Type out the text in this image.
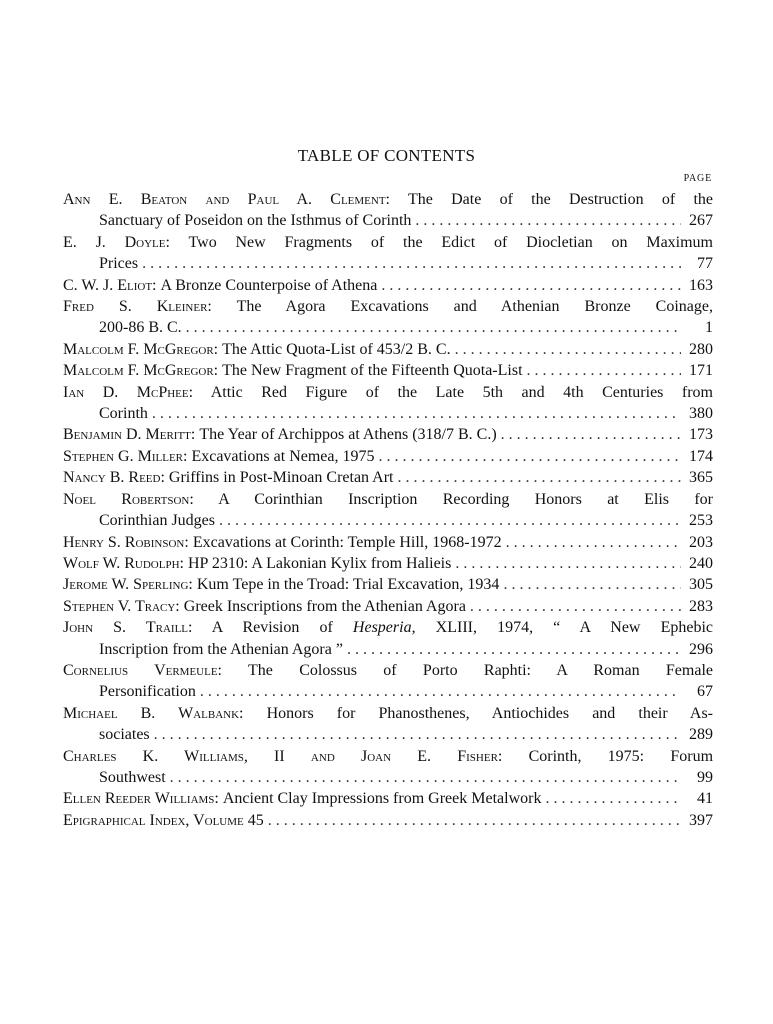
TABLE OF CONTENTS
PAGE
Ann E. Beaton and Paul A. Clement: The Date of the Destruction of the
Sanctuary of Poseidon on the Isthmus of Corinth . . .	267
E. J. Doyle: Two New Fragments of the Edict of Diocletian on Maximum
Prices . . .	77
C. W. J. Eliot:
A Bronze Counterpoise of Athena . . .	163
Fred S. Kleiner: The Agora Excavations and Athenian Bronze Coinage,
200-86 B. C. . . .	1
Malcolm F. McGregor:
The Attic Quota-List of 453/2 B. C. . . .	280
Malcolm F. McGregor:
The New Fragment of the Fifteenth Quota-List . . .	171
Ian D. McPhee: Attic Red Figure of the Late 5th and 4th Centuries from
Corinth . . .	380
Benjamin D. Meritt:
The Year of Archippos at Athens (318/7 B. C.) . . .	173
Stephen G. Miller:
Excavations at Nemea, 1975 . . .	174
Nancy B. Reed:
Griffins in Post-Minoan Cretan Art . . .	365
Noel Robertson: A Corinthian Inscription Recording Honors at Elis for
Corinthian Judges . . .	253
Henry S. Robinson:
Excavations at Corinth: Temple Hill, 1968-1972 . . .	203
Wolf W. Rudolph:
HP 2310: A Lakonian Kylix from Halieis . . .	240
Jerome W. Sperling:
Kum Tepe in the Troad: Trial Excavation, 1934 . . .	305
Stephen V. Tracy:
Greek Inscriptions from the Athenian Agora . . .	283
John S. Traill: A Revision of Hesperia, XLIII, 1974, “ A New Ephebic
Inscription from the Athenian Agora ” . . .	296
Cornelius Vermeule: The Colossus of Porto Raphti: A Roman Female
Personification . . .	67
Michael B. Walbank: Honors for Phanosthenes, Antiochides and their As-
sociates . . .	289
Charles K. Williams, II and Joan E. Fisher: Corinth, 1975: Forum
Southwest . . .	99
Ellen Reeder Williams:
Ancient Clay Impressions from Greek Metalwork . . .	41
Epigraphical Index, Volume 45 . . .	397
